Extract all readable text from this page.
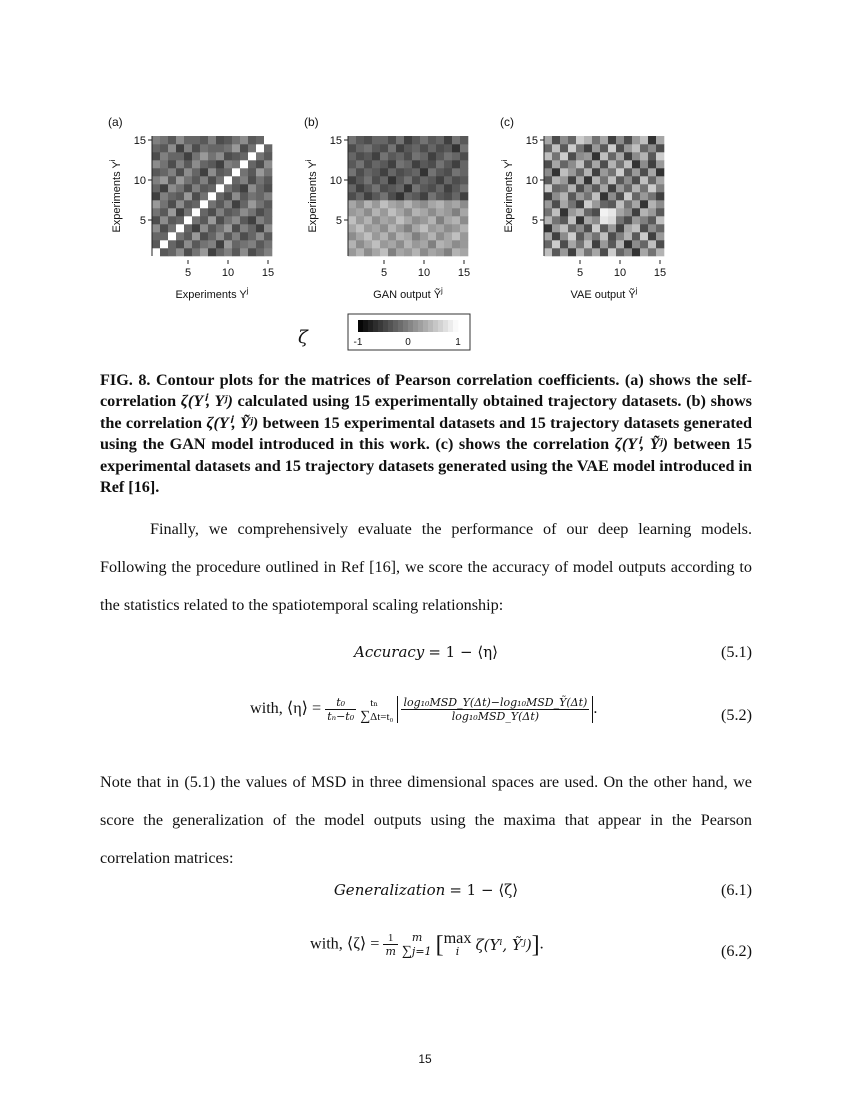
(a)
5
10
15
5	10	15
Experiments $Y^i$
Experiments $Y^j$
(b)
5
10
15
5	10	15
Experiments $Y^i$
GAN output Ỹ$^j$
(c)
5
10
15
5	10	15
Experiments $Y^i$
VAE output Ỹ$^j$
ζ	-1	0	1
FIG. 8. Contour plots for the matrices of Pearson correlation coefficients. (a) shows the self-correlation ζ(Yⁱ, Yʲ) calculated using 15 experimentally obtained trajectory datasets. (b) shows the correlation ζ(Yⁱ, Ỹʲ) between 15 experimental datasets and 15 trajectory datasets generated using the GAN model introduced in this work. (c) shows the correlation ζ(Yⁱ, Ỹʲ) between 15 experimental datasets and 15 trajectory datasets generated using the VAE model introduced in Ref [16].
Finally, we comprehensively evaluate the performance of our deep learning models. Following the procedure outlined in Ref [16], we score the accuracy of model outputs according to the statistics related to the spatiotemporal scaling relationship:
Accuracy = 1 − ⟨η⟩	(5.1)
with, ⟨η⟩ = $\frac{\text{t₀}}{\text{tₙ−t₀}}$
	tₙ
$\sum\Delta t=t_0 \frac{\text{log₁₀MSD\_Y(Δt)−log₁₀MSD\_Ỹ(Δt)}}{\text{log₁₀MSD\_Y(Δt)}}$ .	(5.2)
Note that in (5.1) the values of MSD in three dimensional spaces are used. On the other hand, we score the generalization of the model outputs using the maxima that appear in the Pearson correlation matrices:
Generalization = 1 − ⟨ζ⟩	(6.1)
with, ⟨ζ⟩ = $\frac{1}{m}$
	m
∑j=1 [ max
i	ζ(Yⁱ, Ỹʲ)].	(6.2)
15
